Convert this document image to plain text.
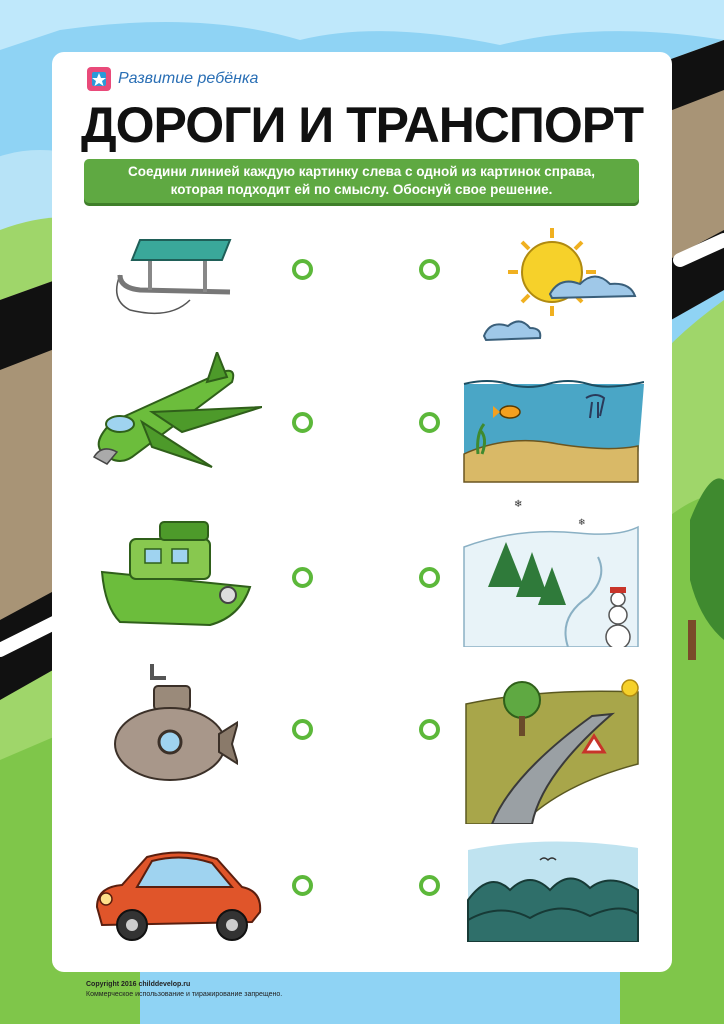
Развитие ребёнка
ДОРОГИ И ТРАНСПОРТ
Соедини линией каждую картинку слева с одной из картинок справа,
которая подходит ей по смыслу. Обоснуй свое решение.
❄
❄
Copyright 2016 childdevelop.ru
Коммерческое использование и тиражирование запрещено.
